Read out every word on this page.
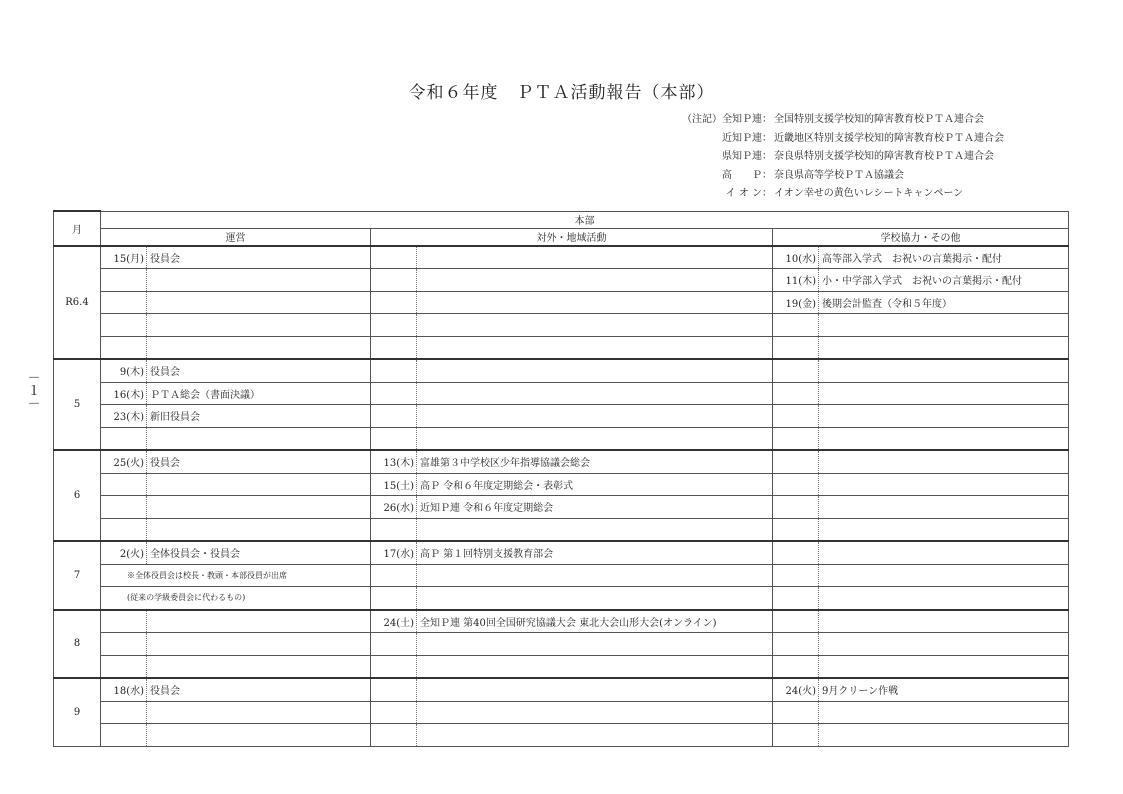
令和６年度　ＰＴＡ活動報告（本部）
（注記）全知Ｐ連： 全国特別支援学校知的障害教育校ＰＴＡ連合会
近知Ｐ連： 近畿地区特別支援学校知的障害教育校ＰＴＡ連合会
県知Ｐ連： 奈良県特別支援学校知的障害教育校ＰＴＡ連合会
高　　Ｐ： 奈良県高等学校ＰＴＡ協議会
イ オ ン： イオン幸せの黄色いレシートキャンペーン
－
１
－
月	本部					
	運営		対外・地域活動		学校協力・その他	
R6.4	15(月)	役員会			10(水)	高等部入学式　お祝いの言葉掲示・配付
					11(木)	小・中学部入学式　お祝いの言葉掲示・配付
					19(金)	後期会計監査（令和５年度）

5	9(木)	役員会				
	16(木)	ＰＴＡ総会（書面決議）				
	23(木)	新旧役員会				

6	25(火)	役員会	13(木)	富雄第３中学校区少年指導協議会総会		
			15(土)	高Ｐ 令和６年度定期総会・表彰式		
			26(水)	近知Ｐ連 令和６年度定期総会		

7	2(火)	全体役員会・役員会	17(水)	高Ｐ 第１回特別支援教育部会		
	※全体役員会は校長・教頭・本部役員が出席					
	(従来の学級委員会に代わるもの)					
8			24(土)	全知Ｐ連 第40回全国研究協議大会 東北大会山形大会(オンライン)		

9	18(水)	役員会			24(火)	9月クリーン作戦
